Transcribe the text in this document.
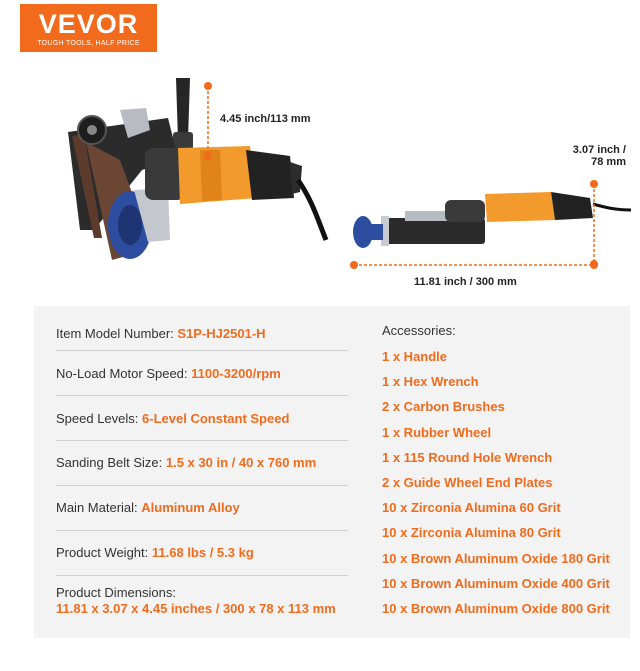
VEVOR
TOUGH TOOLS, HALF PRICE
4.45 inch/113 mm
3.07 inch /
78 mm
11.81 inch / 300 mm
Item Model Number: S1P-HJ2501-H
No-Load Motor Speed: 1100-3200/rpm
Speed Levels: 6-Level Constant Speed
Sanding Belt Size: 1.5 x 30 in / 40 x 760 mm
Main Material: Aluminum Alloy
Product Weight: 11.68 lbs / 5.3 kg
Product Dimensions:
11.81 x 3.07 x 4.45 inches / 300 x 78 x 113 mm
Accessories:
1 x Handle
1 x Hex Wrench
2 x Carbon Brushes
1 x Rubber Wheel
1 x 115 Round Hole Wrench
2 x Guide Wheel End Plates
10 x Zirconia Alumina 60 Grit
10 x Zirconia Alumina 80 Grit
10 x Brown Aluminum Oxide 180 Grit
10 x Brown Aluminum Oxide 400 Grit
10 x Brown Aluminum Oxide 800 Grit
